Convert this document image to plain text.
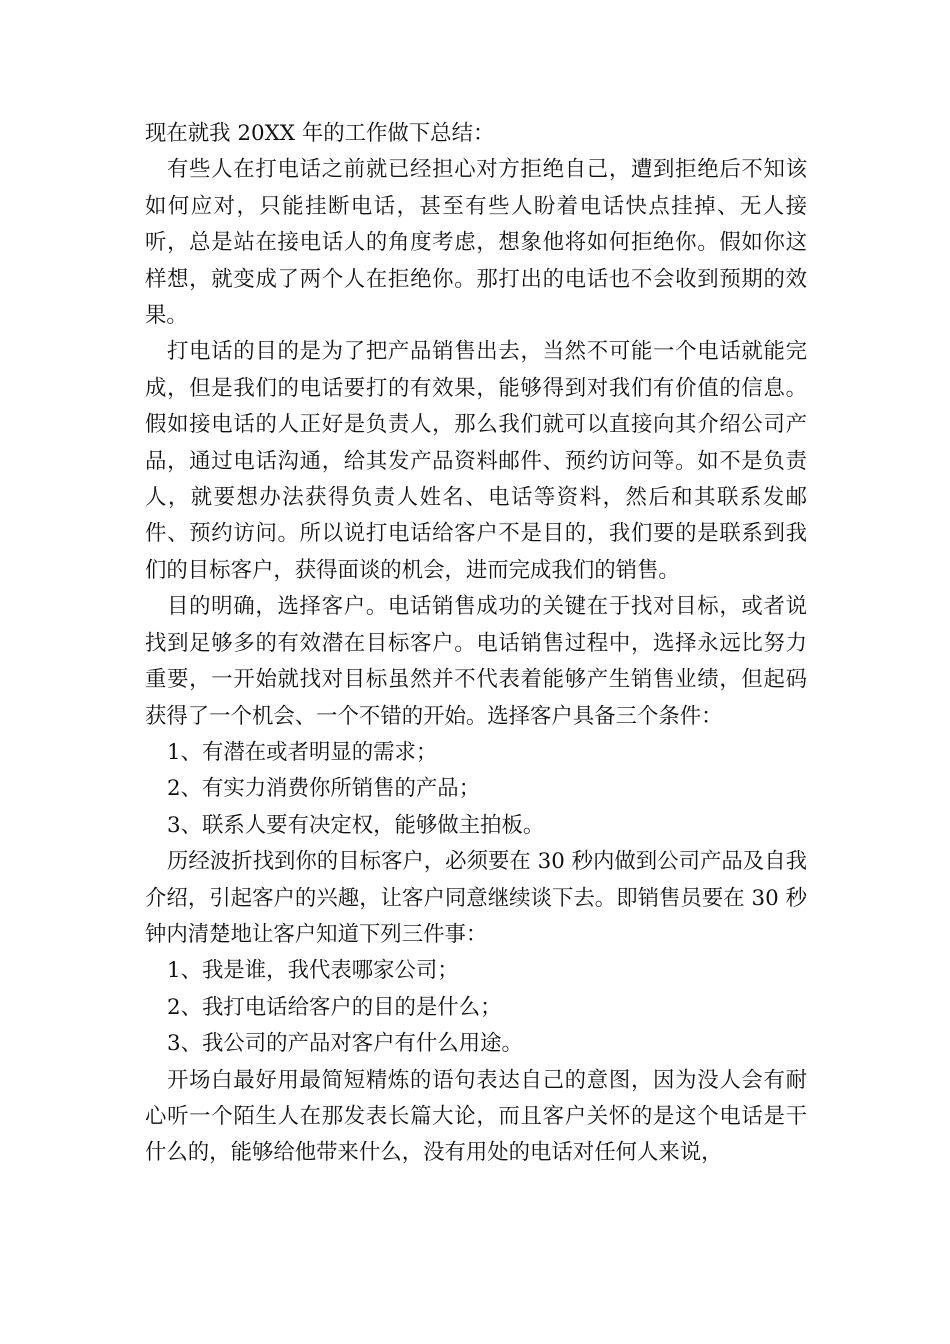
现在就我 20XX 年的工作做下总结：

有些人在打电话之前就已经担心对方拒绝自己，遭到拒绝后不知该如何应对，只能挂断电话，甚至有些人盼着电话快点挂掉、无人接听，总是站在接电话人的角度考虑，想象他将如何拒绝你。假如你这样想，就变成了两个人在拒绝你。那打出的电话也不会收到预期的效果。

打电话的目的是为了把产品销售出去，当然不可能一个电话就能完成，但是我们的电话要打的有效果，能够得到对我们有价值的信息。假如接电话的人正好是负责人，那么我们就可以直接向其介绍公司产品，通过电话沟通，给其发产品资料邮件、预约访问等。如不是负责人，就要想办法获得负责人姓名、电话等资料，然后和其联系发邮件、预约访问。所以说打电话给客户不是目的，我们要的是联系到我们的目标客户，获得面谈的机会，进而完成我们的销售。

目的明确，选择客户。电话销售成功的关键在于找对目标，或者说找到足够多的有效潜在目标客户。电话销售过程中，选择永远比努力重要，一开始就找对目标虽然并不代表着能够产生销售业绩，但起码获得了一个机会、一个不错的开始。选择客户具备三个条件：

1、有潜在或者明显的需求；

2、有实力消费你所销售的产品；

3、联系人要有决定权，能够做主拍板。

历经波折找到你的目标客户，必须要在 30 秒内做到公司产品及自我介绍，引起客户的兴趣，让客户同意继续谈下去。即销售员要在 30 秒钟内清楚地让客户知道下列三件事：

1、我是谁，我代表哪家公司；

2、我打电话给客户的目的是什么；

3、我公司的产品对客户有什么用途。

开场白最好用最简短精炼的语句表达自己的意图，因为没人会有耐心听一个陌生人在那发表长篇大论，而且客户关怀的是这个电话是干什么的，能够给他带来什么，没有用处的电话对任何人来说，
